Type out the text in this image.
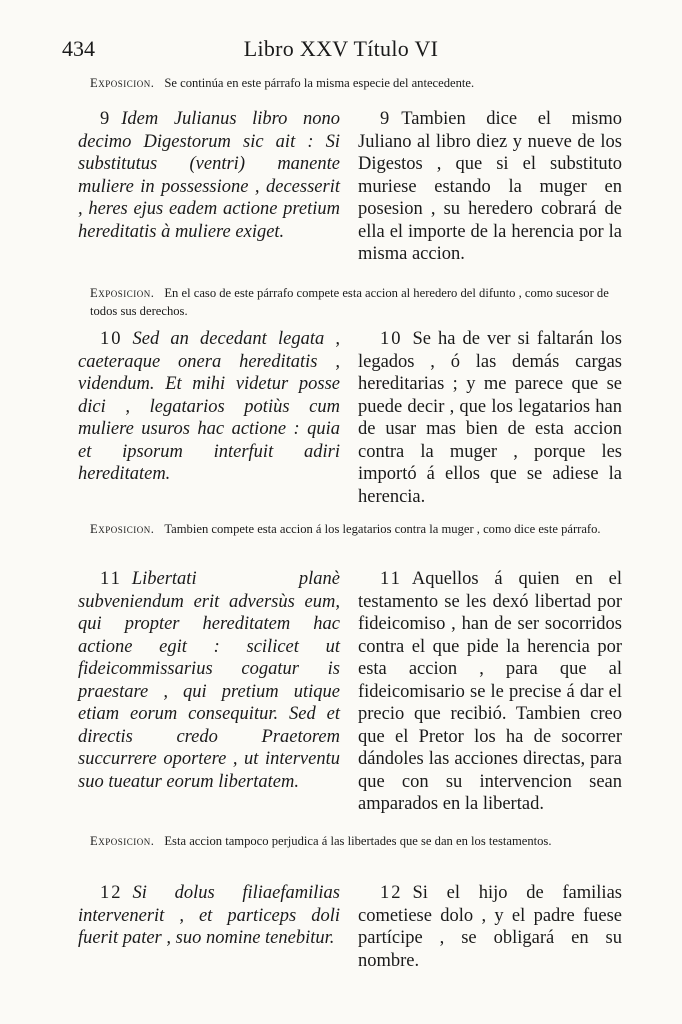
434	Libro XXV Título VI
Exposicion. Se continúa en este párrafo la misma especie del antecedente.
9 Idem Julianus libro nono decimo Digestorum sic ait : Si substitutus (ventri) manente muliere in possessione , decesserit , heres ejus eadem actione pretium hereditatis à muliere exiget.
9 Tambien dice el mismo Juliano al libro diez y nueve de los Digestos , que si el substituto muriese estando la muger en posesion , su heredero cobrará de ella el importe de la herencia por la misma accion.
Exposicion. En el caso de este párrafo compete esta accion al heredero del difunto , como sucesor de todos sus derechos.
10 Sed an decedant legata , caeteraque onera hereditatis , videndum. Et mihi videtur posse dici , legatarios potiùs cum muliere usuros hac actione : quia et ipsorum interfuit adiri hereditatem.
10 Se ha de ver si faltarán los legados , ó las demás cargas hereditarias ; y me parece que se puede decir , que los legatarios han de usar mas bien de esta accion contra la muger , porque les importó á ellos que se adiese la herencia.
Exposicion. Tambien compete esta accion á los legatarios contra la muger , como dice este párrafo.
11 Libertati planè subveniendum erit adversùs eum, qui propter hereditatem hac actione egit : scilicet ut fideicommissarius cogatur is praestare , qui pretium utique etiam eorum consequitur. Sed et directis credo Praetorem succurrere oportere , ut interventu suo tueatur eorum libertatem.
11 Aquellos á quien en el testamento se les dexó libertad por fideicomiso , han de ser socorridos contra el que pide la herencia por esta accion , para que al fideicomisario se le precise á dar el precio que recibió. Tambien creo que el Pretor los ha de socorrer dándoles las acciones directas, para que con su intervencion sean amparados en la libertad.
Exposicion. Esta accion tampoco perjudica á las libertades que se dan en los testamentos.
12 Si dolus filiaefamilias intervenerit , et particeps doli fuerit pater , suo nomine tenebitur.
12 Si el hijo de familias cometiese dolo , y el padre fuese partícipe , se obligará en su nombre.
